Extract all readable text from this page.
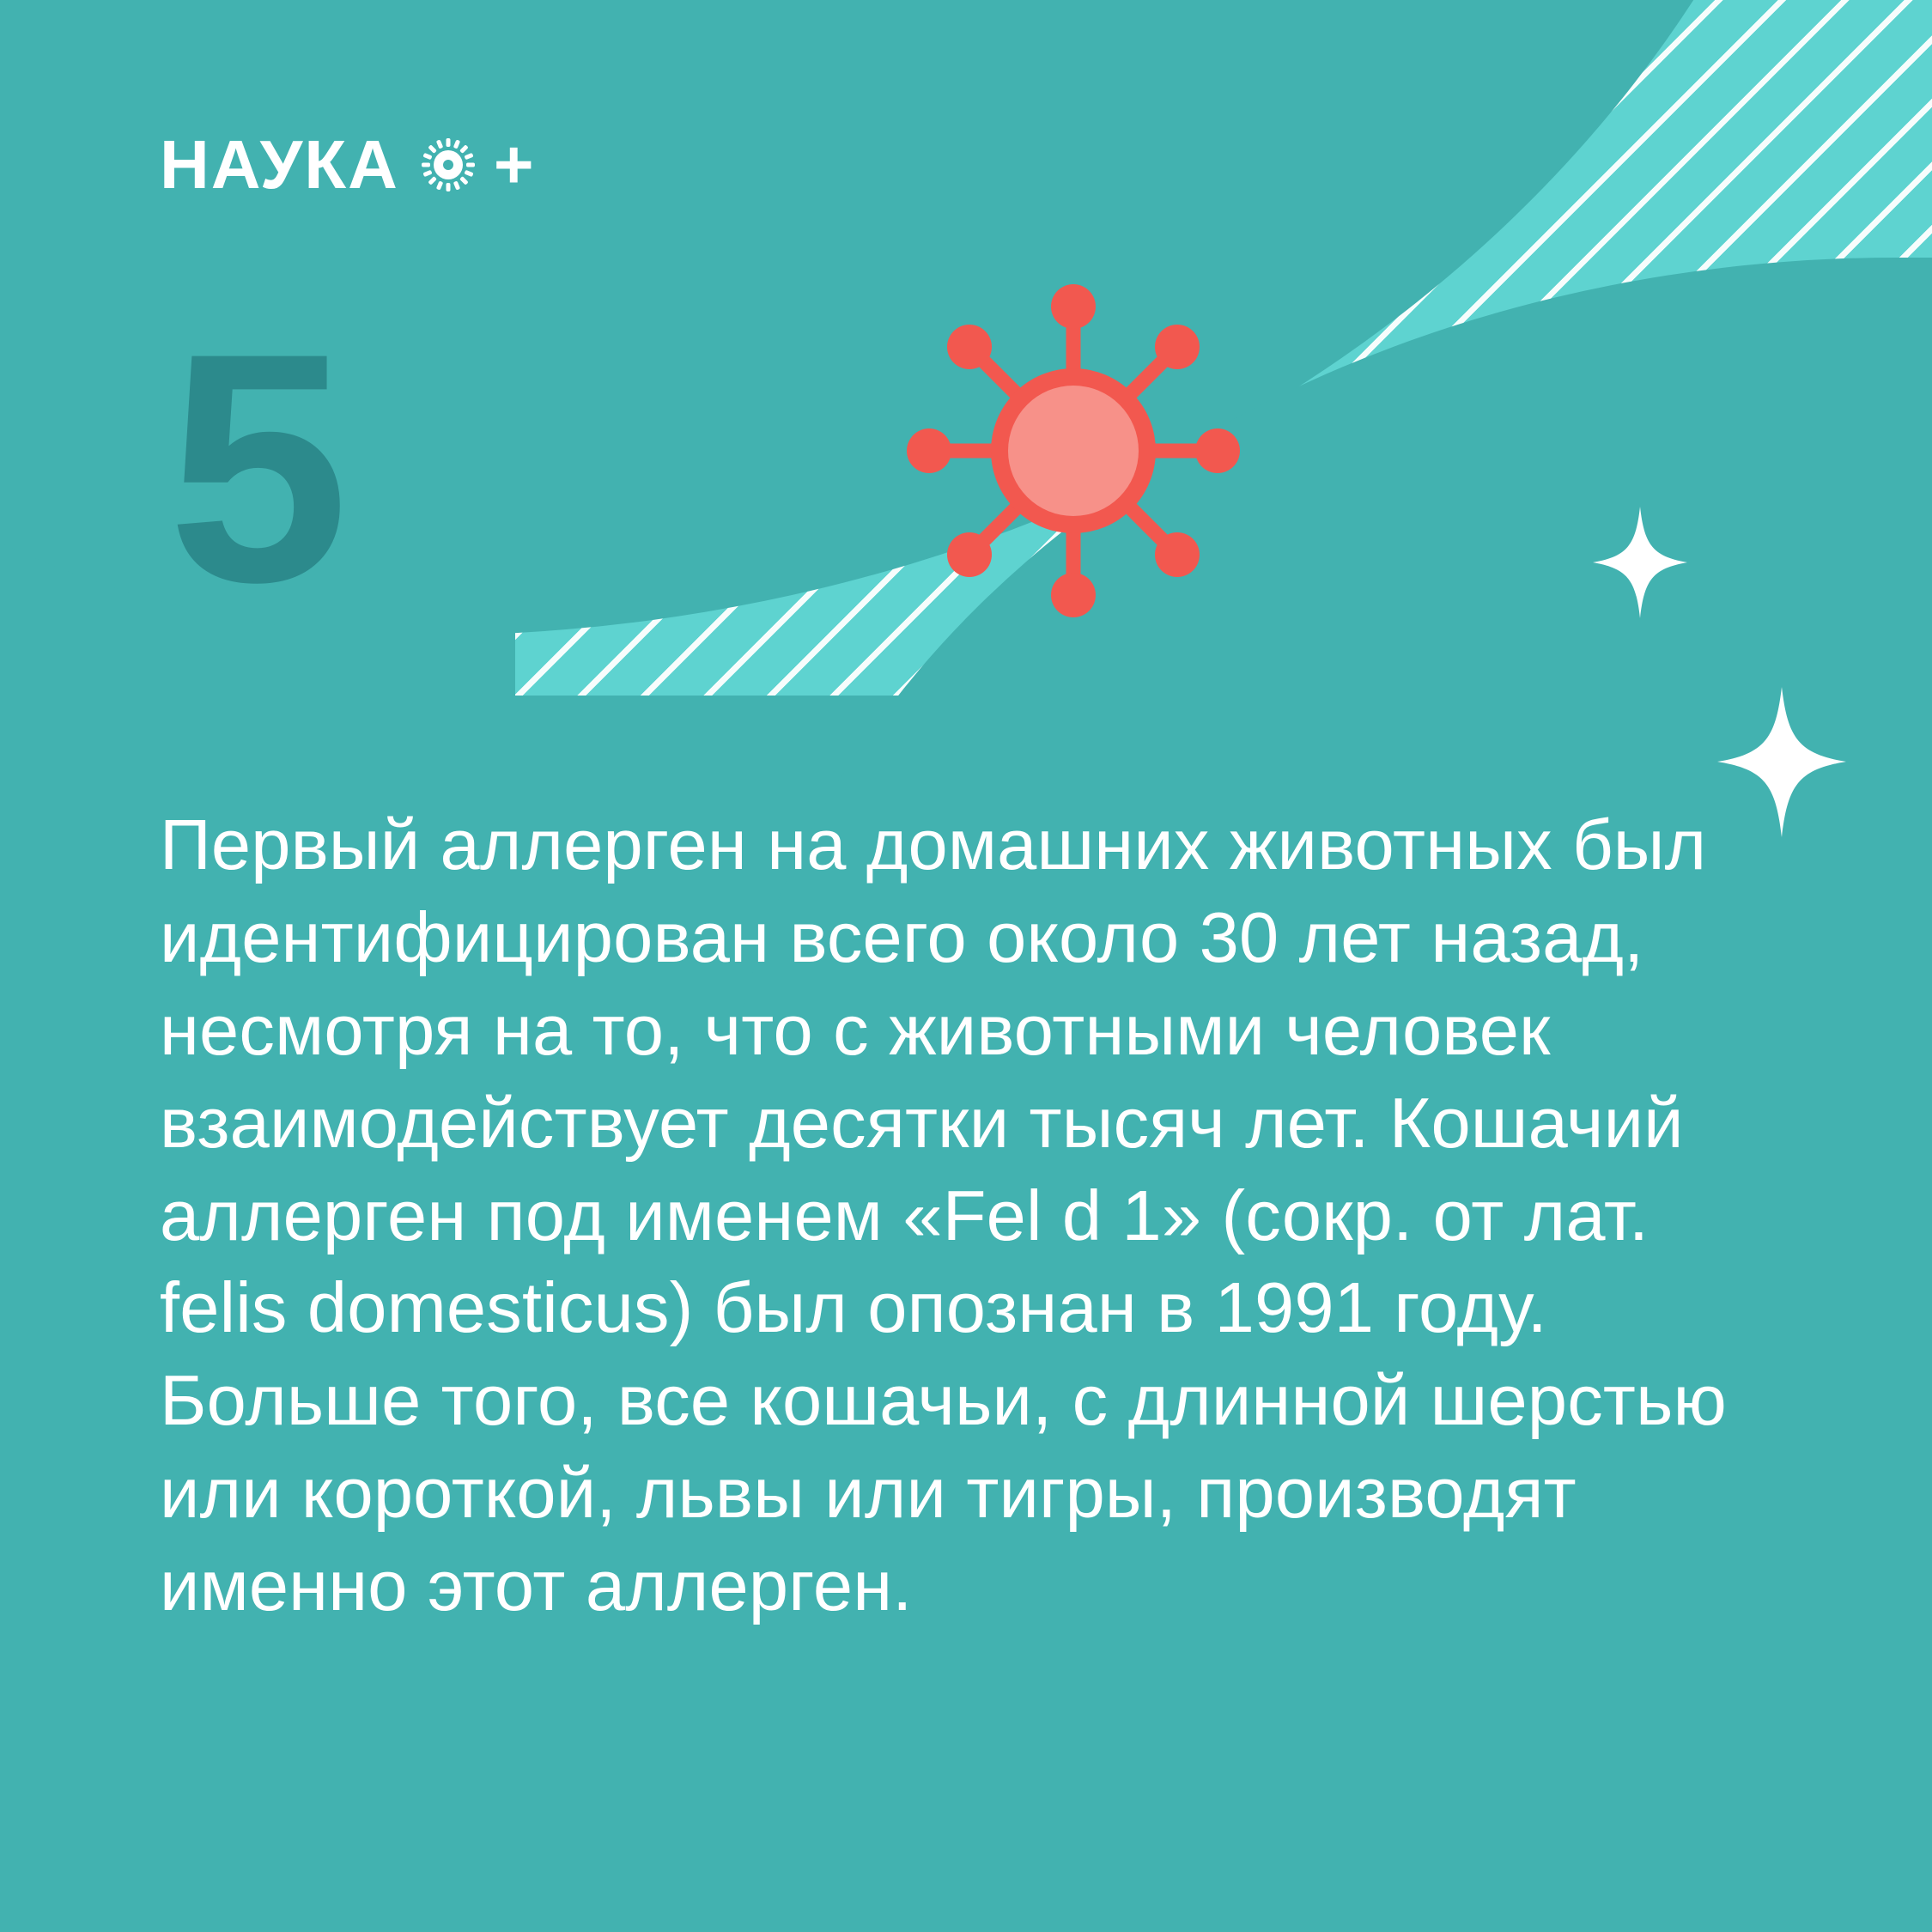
НАУКА +
5
Первый аллерген на домашних животных был идентифицирован всего около 30 лет назад, несмотря на то, что с животными человек взаимодействует десятки тысяч лет. Кошачий аллерген под именем «Fel d 1» (сокр. от лат. felis domesticus) был опознан в 1991 году. Больше того, все кошачьи, с длинной шерстью или короткой, львы или тигры, производят именно этот аллерген.
